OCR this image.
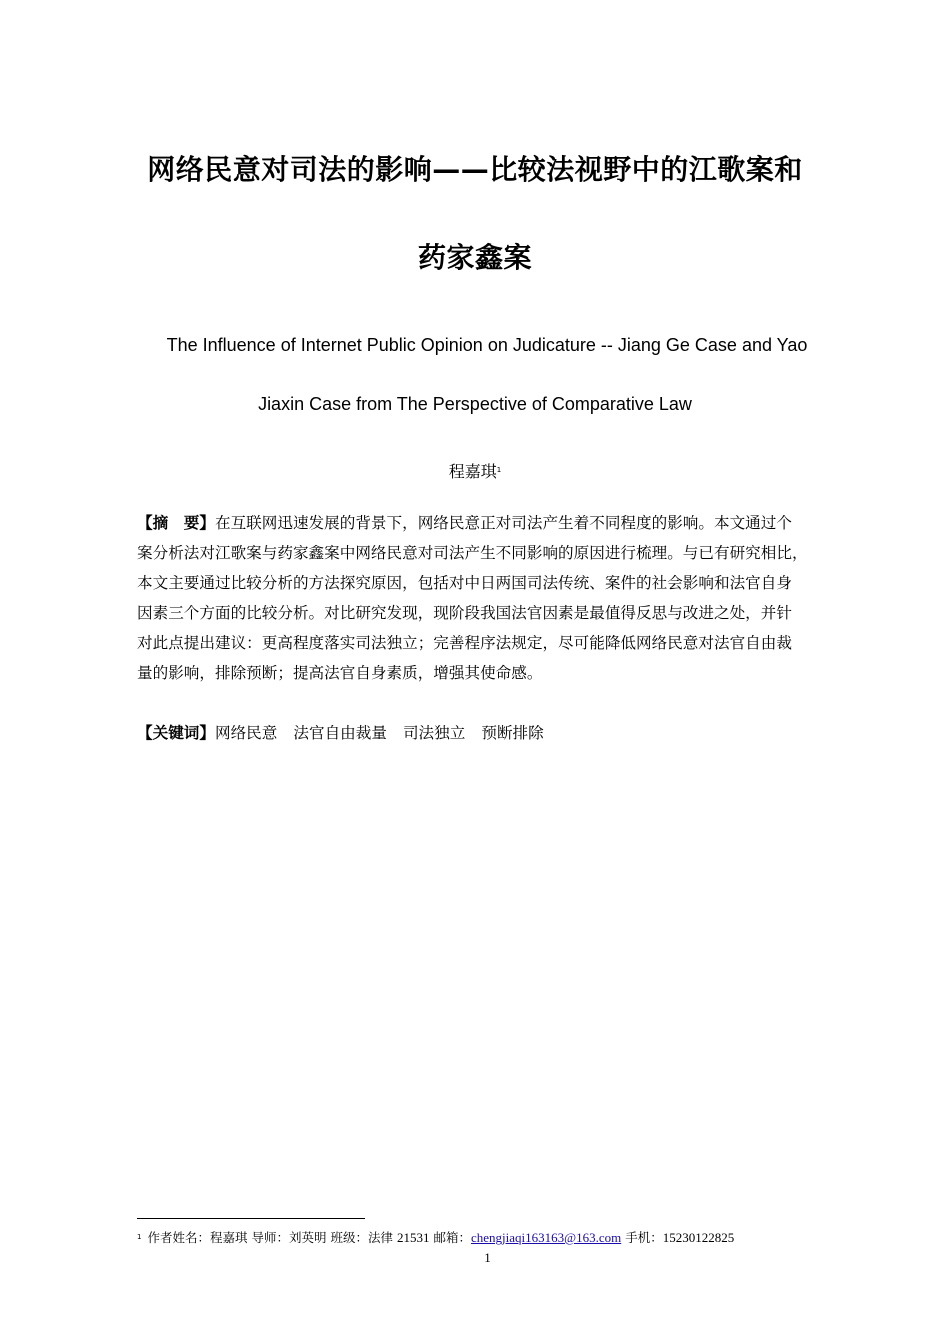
网络民意对司法的影响——比较法视野中的江歌案和
药家鑫案
The Influence of Internet Public Opinion on Judicature -- Jiang Ge Case and Yao
Jiaxin Case from The Perspective of Comparative Law
程嘉琪$^1$
【摘　要】在互联网迅速发展的背景下，网络民意正对司法产生着不同程度的影响。本文通过个
案分析法对江歌案与药家鑫案中网络民意对司法产生不同影响的原因进行梳理。与已有研究相比，
本文主要通过比较分析的方法探究原因，包括对中日两国司法传统、案件的社会影响和法官自身
因素三个方面的比较分析。对比研究发现，现阶段我国法官因素是最值得反思与改进之处，并针
对此点提出建议：更高程度落实司法独立；完善程序法规定，尽可能降低网络民意对法官自由裁
量的影响，排除预断；提高法官自身素质，增强其使命感。
【关键词】网络民意 法官自由裁量 司法独立 预断排除
$^1$ 作者姓名：程嘉琪 导师：刘英明 班级：法律 21531 邮箱：chengjiaqi163163@163.com 手机：15230122825
1
